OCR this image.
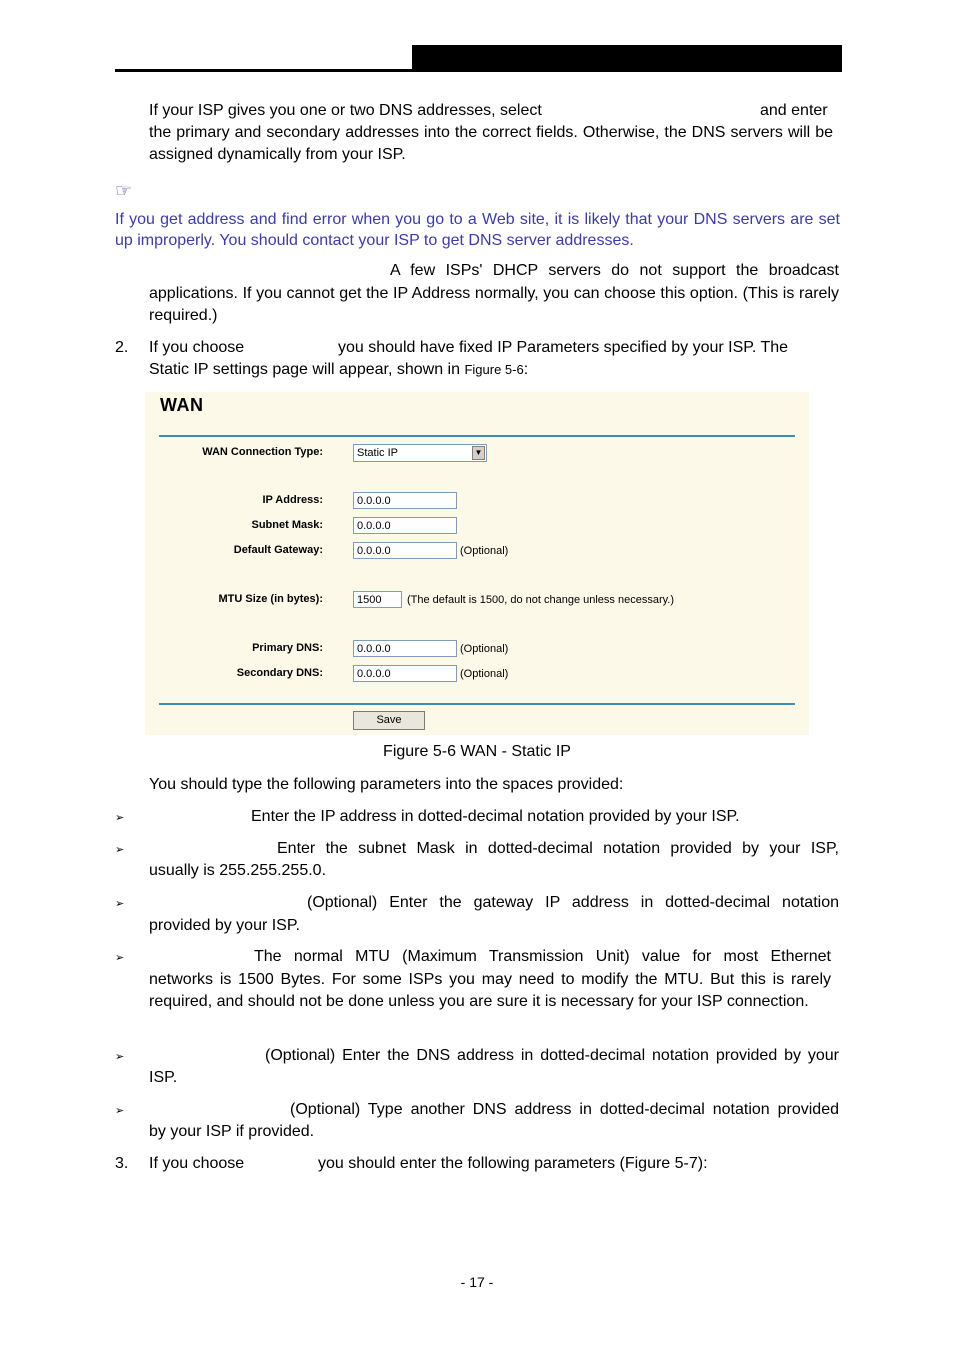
If your ISP gives you one or two DNS addresses, select	and enter

the primary and secondary addresses into the correct fields. Otherwise, the DNS servers will be assigned dynamically from your ISP.

☞

If you get address and find error when you go to a Web site, it is likely that your DNS servers are set up improperly. You should contact your ISP to get DNS server addresses.

A few ISPs' DHCP servers do not support the broadcast

applications. If you cannot get the IP Address normally, you can choose this option. (This is rarely required.)

2. If you choose	you should have fixed IP Parameters specified by your ISP. The
Static IP settings page will appear, shown in Figure 5-6:
WAN
WAN Connection Type:	Static IP	▼
IP Address:	0.0.0.0
Subnet Mask:	0.0.0.0
Default Gateway:	0.0.0.0	(Optional)
MTU Size (in bytes):	1500	(The default is 1500, do not change unless necessary.)
Primary DNS:	0.0.0.0	(Optional)
Secondary DNS:	0.0.0.0	(Optional)
Save
Figure 5-6 WAN - Static IP
You should type the following parameters into the spaces provided:
➢	Enter the IP address in dotted-decimal notation provided by your ISP.
➢	Enter the subnet Mask in dotted-decimal notation provided by your ISP,

usually is 255.255.255.0.
➢	(Optional) Enter the gateway IP address in dotted-decimal notation

provided by your ISP.
➢	The normal MTU (Maximum Transmission Unit) value for most Ethernet

networks is 1500 Bytes. For some ISPs you may need to modify the MTU. But this is rarely required, and should not be done unless you are sure it is necessary for your ISP connection.

➢	(Optional) Enter the DNS address in dotted-decimal notation provided by your

ISP.
➢	(Optional) Type another DNS address in dotted-decimal notation provided

by your ISP if provided.
3. If you choose	you should enter the following parameters (Figure 5-7):
- 17 -
